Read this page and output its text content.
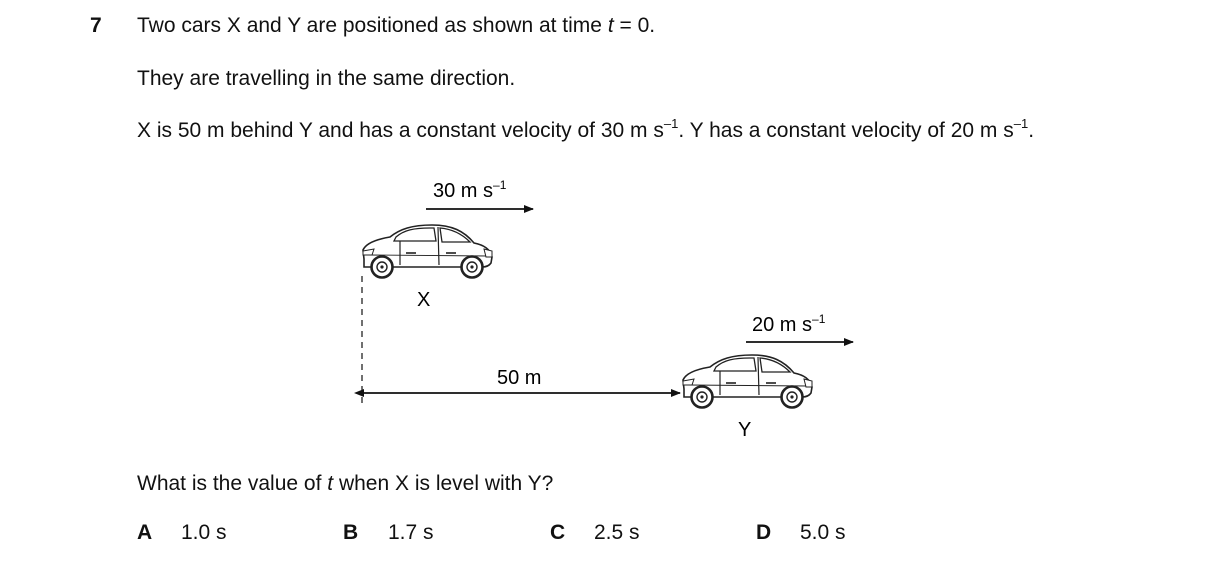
7 Two cars X and Y are positioned as shown at time t = 0.
They are travelling in the same direction.
X is 50 m behind Y and has a constant velocity of 30 m $s^{-1}$. Y has a constant velocity of 20 m $s^{-1}$.
30 m $s^{-1}$
20 m $s^{-1}$
50 m
X
Y
What is the value of t when X is level with Y?
A 1.0 s	B 1.7 s	C 2.5 s	D 5.0 s
